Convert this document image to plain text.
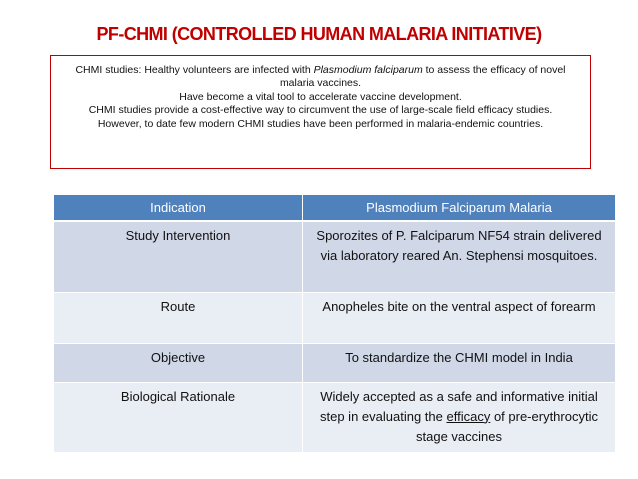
PF-CHMI (CONTROLLED HUMAN MALARIA INITIATIVE)

CHMI studies: Healthy volunteers are infected with Plasmodium falciparum to assess the efficacy of novel malaria vaccines.

Have become a vital tool to accelerate vaccine development.

CHMI studies provide a cost-effective way to circumvent the use of large-scale field efficacy studies.

However, to date few modern CHMI studies have been performed in malaria-endemic countries.

Indication	Plasmodium Falciparum Malaria
Study Intervention	Sporozites of P. Falciparum NF54 strain delivered via laboratory reared An. Stephensi mosquitoes.
Route	Anopheles bite on the ventral aspect of forearm
Objective	To standardize the CHMI model in India
Biological Rationale	Widely accepted as a safe and informative initial step in evaluating the efficacy of pre-erythrocytic stage vaccines
